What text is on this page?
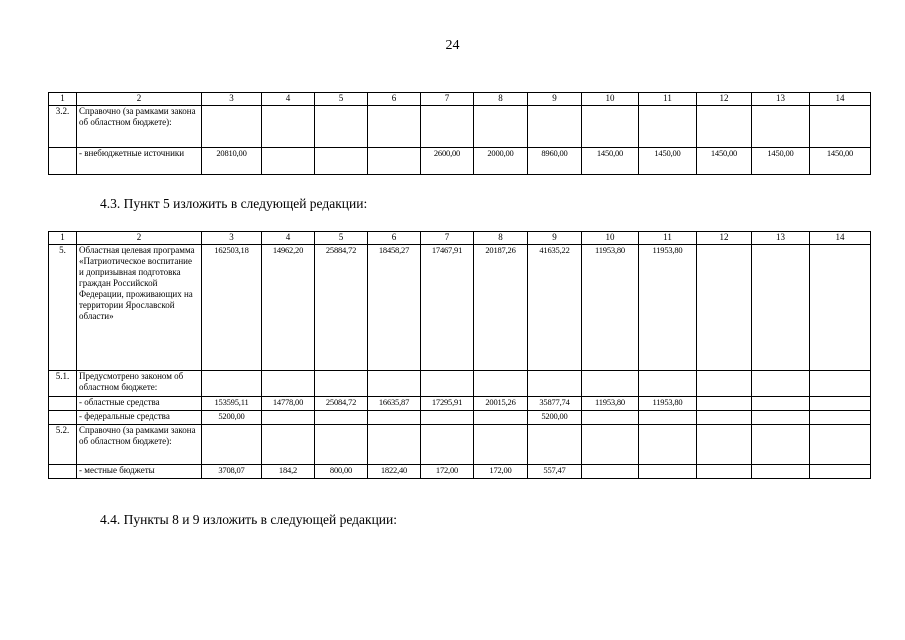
24
1	2	3	4	5	6	7	8	9	10	11	12	13	14
3.2.	Справочно (за рамками закона об областном бюджете):												
	- внебюджетные источники	20810,00				2600,00	2000,00	8960,00	1450,00	1450,00	1450,00	1450,00	1450,00
4.3. Пункт 5 изложить в следующей редакции:
1	2	3	4	5	6	7	8	9	10	11	12	13	14
5.	Областная целевая программа «Патриотическое воспитание и допризывная подготовка граждан Российской Федерации, проживающих на территории Ярославской области»	162503,18	14962,20	25884,72	18458,27	17467,91	20187,26	41635,22	11953,80	11953,80			
5.1.	Предусмотрено законом об областном бюджете:												
	- областные средства	153595,11	14778,00	25084,72	16635,87	17295,91	20015,26	35877,74	11953,80	11953,80			
	- федеральные средства	5200,00						5200,00					
5.2.	Справочно (за рамками закона об областном бюджете):												
	- местные бюджеты	3708,07	184,2	800,00	1822,40	172,00	172,00	557,47					
4.4. Пункты 8 и 9 изложить в следующей редакции:
